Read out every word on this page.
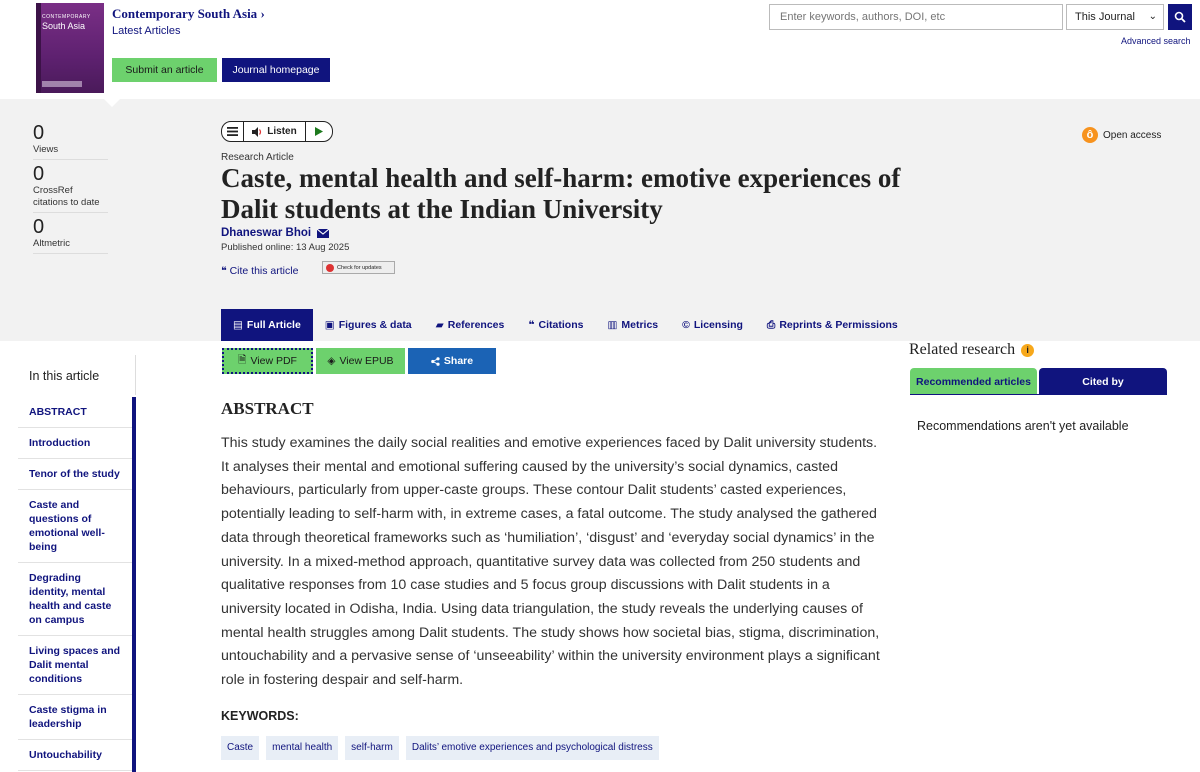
CONTEMPORARY
South Asia
Contemporary South Asia ›
Latest Articles
Submit an article	Journal homepage
Enter keywords, authors, DOI, etc
This Journal ⌄
Advanced search
0
Views
0
CrossRef citations to date
0
Altmetric
Listen	ô Open access
Research Article
Caste, mental health and self-harm: emotive experiences of Dalit students at the Indian University
Dhaneswar Bhoi
Published online: 13 Aug 2025
❝ Cite this article	Check for updates
▤ Full Article ▣ Figures & data ▰ References ❝ Citations ▥ Metrics © Licensing ⎙ Reprints & Permissions
In this article
ABSTRACT
Introduction
Tenor of the study
Caste and questions of emotional well-being
Degrading identity, mental health and caste on campus
Living spaces and Dalit mental conditions
Caste stigma in leadership
Untouchability
🗎 View PDF	◈ View EPUB	Share
ABSTRACT

This study examines the daily social realities and emotive experiences faced by Dalit university students. It analyses their mental and emotional suffering caused by the university’s social dynamics, casted behaviours, particularly from upper-caste groups. These contour Dalit students’ casted experiences, potentially leading to self-harm with, in extreme cases, a fatal outcome. The study analysed the gathered data through theoretical frameworks such as ‘humiliation’, ‘disgust’ and ‘everyday social dynamics’ in the university. In a mixed-method approach, quantitative survey data was collected from 250 students and qualitative responses from 10 case studies and 5 focus group discussions with Dalit students in a university located in Odisha, India. Using data triangulation, the study reveals the underlying causes of mental health struggles among Dalit students. The study shows how societal bias, stigma, discrimination, untouchability and a pervasive sense of ‘unseeability’ within the university environment plays a significant role in fostering despair and self-harm.

KEYWORDS:
Caste	mental health	self-harm	Dalits’ emotive experiences and psychological distress
Related research	i
Recommended articles	Cited by
Recommendations aren't yet available
